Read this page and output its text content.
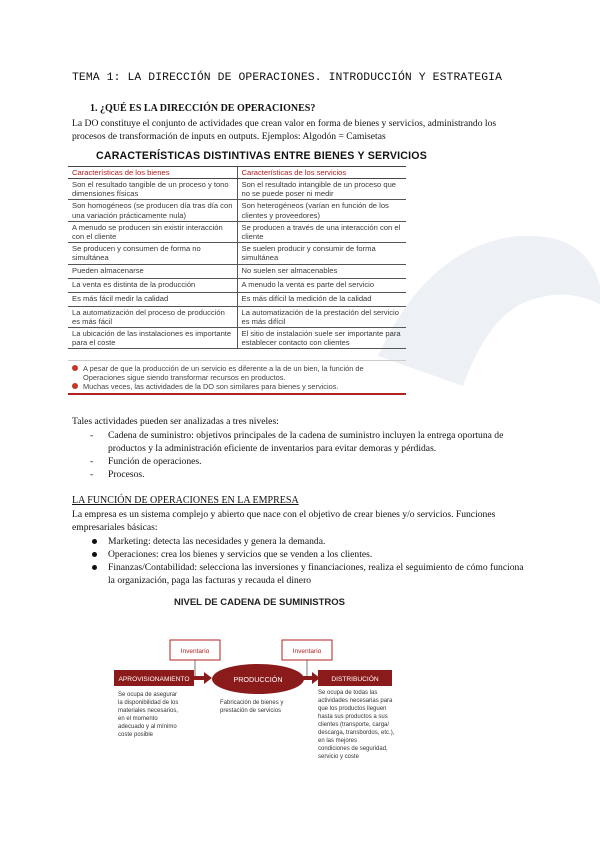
TEMA 1: LA DIRECCIÓN DE OPERACIONES. INTRODUCCIÓN Y ESTRATEGIA
1. ¿QUÉ ES LA DIRECCIÓN DE OPERACIONES?
La DO constituye el conjunto de actividades que crean valor en forma de bienes y servicios, administrando los procesos de transformación de inputs en outputs. Ejemplos: Algodón = Camisetas
CARACTERÍSTICAS DISTINTIVAS ENTRE BIENES Y SERVICIOS
Características de los bienes	Características de los servicios
Son el resultado tangible de un proceso y tono dimensiones físicas	Son el resultado intangible de un proceso que no se puede poser ni medir
Son homogéneos (se producen día tras día con una variación prácticamente nula)	Son heterogéneos (varían en función de los clientes y proveedores)
A menudo se producen sin existir interacción con el cliente	Se producen a través de una interacción con el cliente
Se producen y consumen de forma no simultánea	Se suelen producir y consumir de forma simultánea
Pueden almacenarse	No suelen ser almacenables
La venta es distinta de la producción	A menudo la venta es parte del servicio
Es más fácil medir la calidad	Es más difícil la medición de la calidad
La automatización del proceso de producción es más fácil	La automatización de la prestación del servicio es más difícil
La ubicación de las instalaciones es importante para el coste	El sitio de instalación suele ser importante para establecer contacto con clientes
A pesar de que la producción de un servicio es diferente a la de un bien, la función de Operaciones sigue siendo transformar recursos en productos.
Muchas veces, las actividades de la DO son similares para bienes y servicios.
Tales actividades pueden ser analizadas a tres niveles:
- Cadena de suministro: objetivos principales de la cadena de suministro incluyen la entrega oportuna de productos y la administración eficiente de inventarios para evitar demoras y pérdidas.
- Función de operaciones.
- Procesos.
LA FUNCIÓN DE OPERACIONES EN LA EMPRESA
La empresa es un sistema complejo y abierto que nace con el objetivo de crear bienes y/o servicios. Funciones empresariales básicas:
Marketing: detecta las necesidades y genera la demanda.
Operaciones: crea los bienes y servicios que se venden a los clientes.
Finanzas/Contabilidad: selecciona las inversiones y financiaciones, realiza el seguimiento de cómo funciona la organización, paga las facturas y recauda el dinero
NIVEL DE CADENA DE SUMINISTROS
Inventario	Inventario
APROVISIONAMIENTO	PRODUCCIÓN	DISTRIBUCIÓN
Se ocupa de asegurar la disponibilidad de los materiales necesarios, en el momento adecuado y al mínimo coste posible
Fabricación de bienes y prestación de servicios
Se ocupa de todas las actividades necesarias para que los productos lleguen hasta sus productos a sus clientes (transporte, carga/ descarga, transbordos, etc.), en las mejores condiciones de seguridad, servicio y coste
